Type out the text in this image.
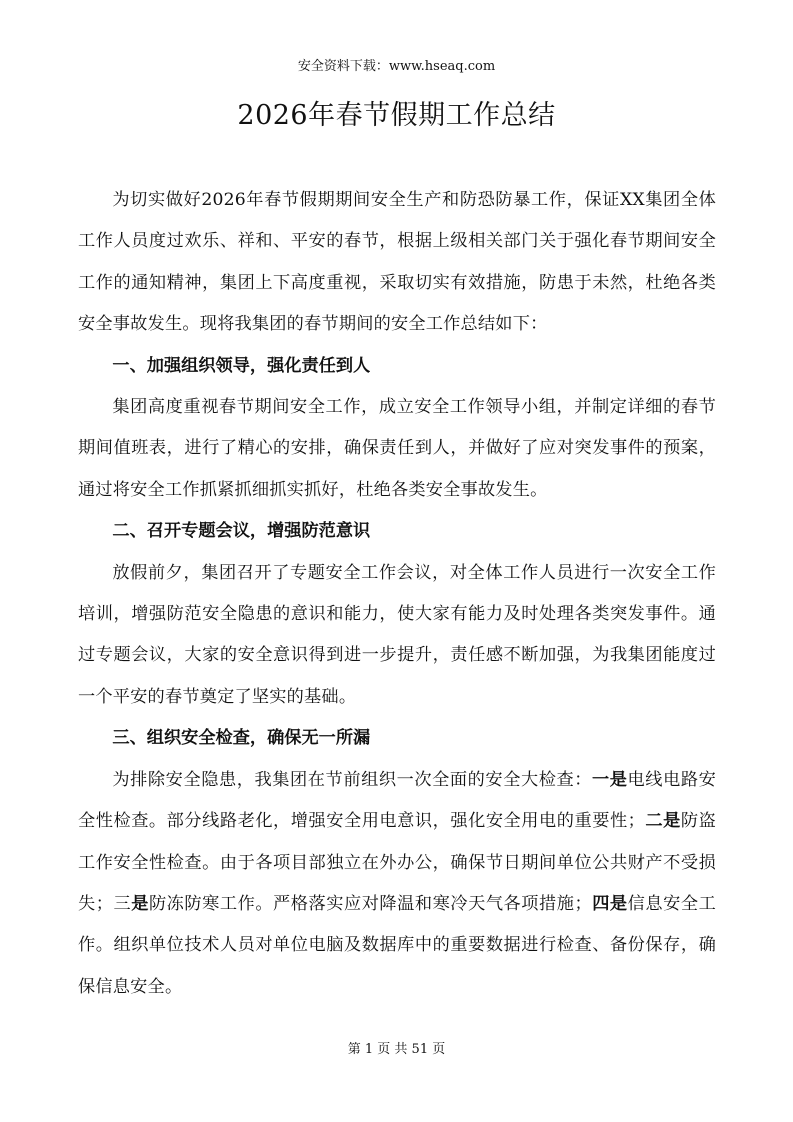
安全资料下载：www.hseaq.com
2026年春节假期工作总结

为切实做好2026年春节假期期间安全生产和防恐防暴工作，保证XX集团全体工作人员度过欢乐、祥和、平安的春节，根据上级相关部门关于强化春节期间安全工作的通知精神，集团上下高度重视，采取切实有效措施，防患于未然，杜绝各类安全事故发生。现将我集团的春节期间的安全工作总结如下：

一、加强组织领导，强化责任到人

集团高度重视春节期间安全工作，成立安全工作领导小组，并制定详细的春节期间值班表，进行了精心的安排，确保责任到人，并做好了应对突发事件的预案，通过将安全工作抓紧抓细抓实抓好，杜绝各类安全事故发生。

二、召开专题会议，增强防范意识

放假前夕，集团召开了专题安全工作会议，对全体工作人员进行一次安全工作培训，增强防范安全隐患的意识和能力，使大家有能力及时处理各类突发事件。通过专题会议，大家的安全意识得到进一步提升，责任感不断加强，为我集团能度过一个平安的春节奠定了坚实的基础。

三、组织安全检查，确保无一所漏

为排除安全隐患，我集团在节前组织一次全面的安全大检查：一是电线电路安全性检查。部分线路老化，增强安全用电意识，强化安全用电的重要性；二是防盗工作安全性检查。由于各项目部独立在外办公，确保节日期间单位公共财产不受损失；三是防冻防寒工作。严格落实应对降温和寒冷天气各项措施；四是信息安全工作。组织单位技术人员对单位电脑及数据库中的重要数据进行检查、备份保存，确保信息安全。

第 1 页 共 51 页
